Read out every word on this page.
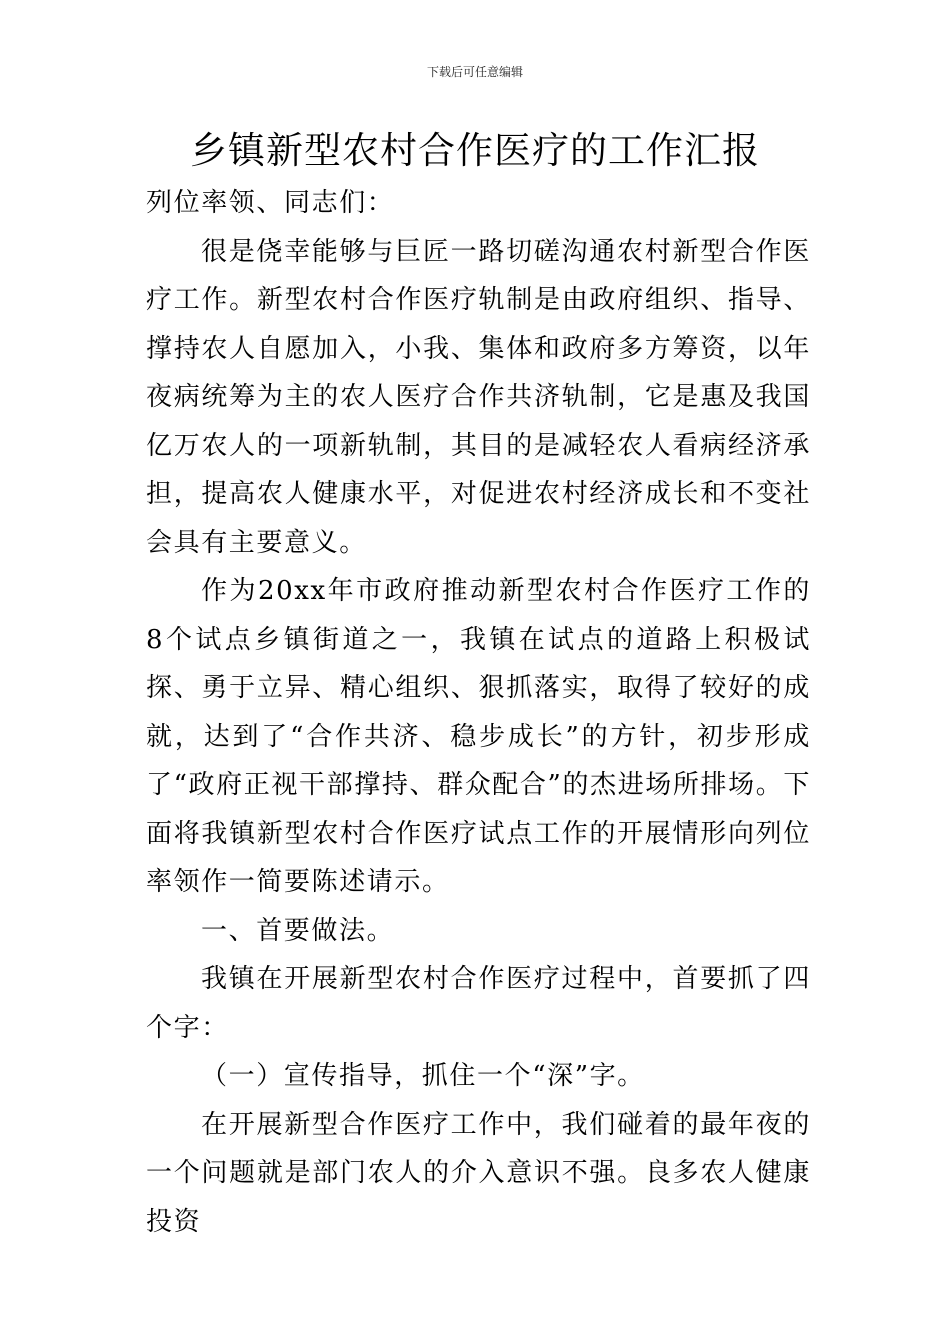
下载后可任意编辑
乡镇新型农村合作医疗的工作汇报

列位率领、同志们：

很是侥幸能够与巨匠一路切磋沟通农村新型合作医疗工作。新型农村合作医疗轨制是由政府组织、指导、撑持农人自愿加入，小我、集体和政府多方筹资，以年夜病统筹为主的农人医疗合作共济轨制，它是惠及我国亿万农人的一项新轨制，其目的是减轻农人看病经济承担，提高农人健康水平，对促进农村经济成长和不变社会具有主要意义。

作为20xx年市政府推动新型农村合作医疗工作的8个试点乡镇街道之一，我镇在试点的道路上积极试探、勇于立异、精心组织、狠抓落实，取得了较好的成就，达到了“合作共济、稳步成长”的方针，初步形成了“政府正视干部撑持、群众配合”的杰进场所排场。下面将我镇新型农村合作医疗试点工作的开展情形向列位率领作一简要陈述请示。

一、首要做法。

我镇在开展新型农村合作医疗过程中，首要抓了四个字：

（一）宣传指导，抓住一个“深”字。

在开展新型合作医疗工作中，我们碰着的最年夜的一个问题就是部门农人的介入意识不强。良多农人健康投资
